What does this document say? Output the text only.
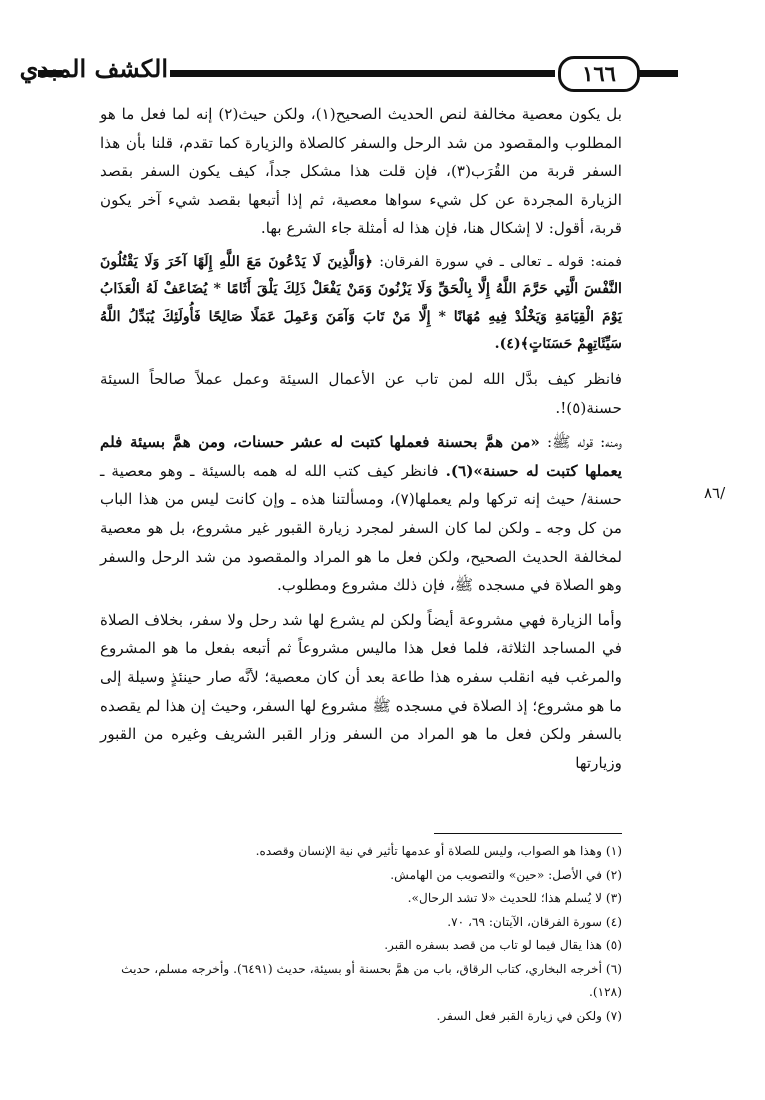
الكشف المبدي	١٦٦
٨٦/

بل يكون معصية مخالفة لنص الحديث الصحيح(١)، ولكن حيث(٢) إنه لما فعل ما هو المطلوب والمقصود من شد الرحل والسفر كالصلاة والزيارة كما تقدم، قلنا بأن هذا السفر قربة من القُرَب(٣)، فإن قلت هذا مشكل جداً، كيف يكون السفر بقصد الزيارة المجردة عن كل شيء سواها معصية، ثم إذا أتبعها بقصد شيء آخر يكون قربة، أقول: لا إشكال هنا، فإن هذا له أمثلة جاء الشرع بها.

فمنه: قوله ـ تعالى ـ في سورة الفرقان: ﴿وَالَّذِينَ لَا يَدْعُونَ مَعَ اللَّهِ إِلَهًا آخَرَ وَلَا يَقْتُلُونَ النَّفْسَ الَّتِي حَرَّمَ اللَّهُ إِلَّا بِالْحَقِّ وَلَا يَزْنُونَ وَمَنْ يَفْعَلْ ذَلِكَ يَلْقَ أَثَامًا * يُضَاعَفْ لَهُ الْعَذَابُ يَوْمَ الْقِيَامَةِ وَيَخْلُدْ فِيهِ مُهَانًا * إِلَّا مَنْ تَابَ وَآمَنَ وَعَمِلَ عَمَلًا صَالِحًا فَأُولَئِكَ يُبَدِّلُ اللَّهُ سَيِّئَاتِهِمْ حَسَنَاتٍ﴾(٤).

فانظر كيف بدَّل الله لمن تاب عن الأعمال السيئة وعمل عملاً صالحاً السيئة حسنة(٥)!.

ومنه: قوله ﷺ: «من همَّ بحسنة فعملها كتبت له عشر حسنات، ومن همَّ بسيئة فلم يعملها كتبت له حسنة»(٦). فانظر كيف كتب الله له همه بالسيئة ـ وهو معصية ـ حسنة/ حيث إنه تركها ولم يعملها(٧)، ومسألتنا هذه ـ وإن كانت ليس من هذا الباب من كل وجه ـ ولكن لما كان السفر لمجرد زيارة القبور غير مشروع، بل هو معصية لمخالفة الحديث الصحيح، ولكن فعل ما هو المراد والمقصود من شد الرحل والسفر وهو الصلاة في مسجده ﷺ، فإن ذلك مشروع ومطلوب.

وأما الزيارة فهي مشروعة أيضاً ولكن لم يشرع لها شد رحل ولا سفر، بخلاف الصلاة في المساجد الثلاثة، فلما فعل هذا ماليس مشروعاً ثم أتبعه بفعل ما هو المشروع والمرغب فيه انقلب سفره هذا طاعة بعد أن كان معصية؛ لأنَّه صار حينئذٍ وسيلة إلى ما هو مشروع؛ إذ الصلاة في مسجده ﷺ مشروع لها السفر، وحيث إن هذا لم يقصده بالسفر ولكن فعل ما هو المراد من السفر وزار القبر الشريف وغيره من القبور وزيارتها

(١) وهذا هو الصواب، وليس للصلاة أو عدمها تأثير في نية الإنسان وقصده.

(٢) في الأصل: «حين» والتصويب من الهامش.

(٣) لا يُسلم هذا؛ للحديث «لا تشد الرحال».

(٤) سورة الفرقان، الآيتان: ٦٩، ٧٠.

(٥) هذا يقال فيما لو تاب من قصد بسفره القبر.

(٦) أخرجه البخاري، كتاب الرقاق، باب من همَّ بحسنة أو بسيئة، حديث (٦٤٩١). وأخرجه مسلم، حديث (١٢٨).

(٧) ولكن في زيارة القبر فعل السفر.
